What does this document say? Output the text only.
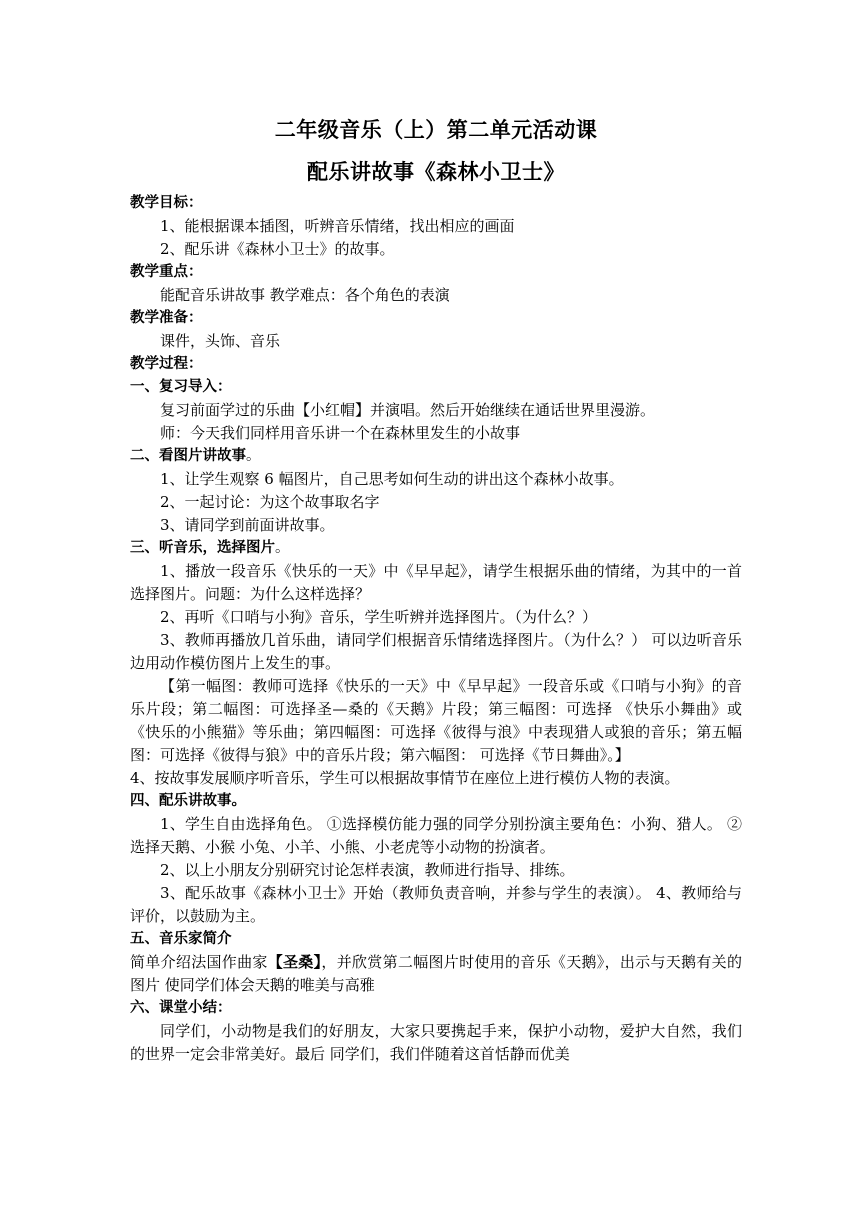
二年级音乐（上）第二单元活动课
配乐讲故事《森林小卫士》
教学目标：
1、能根据课本插图，听辨音乐情绪，找出相应的画面
2、配乐讲《森林小卫士》的故事。
教学重点：
能配音乐讲故事 教学难点：各个角色的表演
教学准备：
课件，头饰、音乐
教学过程：
一、复习导入：
复习前面学过的乐曲【小红帽】并演唱。然后开始继续在通话世界里漫游。
师：今天我们同样用音乐讲一个在森林里发生的小故事
二、看图片讲故事。
1、让学生观察 6 幅图片，自己思考如何生动的讲出这个森林小故事。
2、一起讨论：为这个故事取名字
3、请同学到前面讲故事。
三、听音乐，选择图片。
1、播放一段音乐《快乐的一天》中《早早起》，请学生根据乐曲的情绪，为其中的一首选择图片。问题：为什么这样选择？
2、再听《口哨与小狗》音乐，学生听辨并选择图片。（为什么？）
3、教师再播放几首乐曲，请同学们根据音乐情绪选择图片。（为什么？） 可以边听音乐边用动作模仿图片上发生的事。
【第一幅图：教师可选择《快乐的一天》中《早早起》一段音乐或《口哨与小狗》的音乐片段；第二幅图：可选择圣—桑的《天鹅》片段；第三幅图：可选择 《快乐小舞曲》或《快乐的小熊猫》等乐曲；第四幅图：可选择《彼得与浪》中表现猎人或狼的音乐；第五幅图：可选择《彼得与狼》中的音乐片段；第六幅图： 可选择《节日舞曲》。】
4、按故事发展顺序听音乐，学生可以根据故事情节在座位上进行模仿人物的表演。
四、配乐讲故事。
1、学生自由选择角色。 ①选择模仿能力强的同学分别扮演主要角色：小狗、猎人。 ②选择天鹅、小猴 小兔、小羊、小熊、小老虎等小动物的扮演者。
2、以上小朋友分别研究讨论怎样表演，教师进行指导、排练。
3、配乐故事《森林小卫士》开始（教师负责音响，并参与学生的表演）。 4、教师给与评价，以鼓励为主。
五、音乐家简介
简单介绍法国作曲家【圣桑】，并欣赏第二幅图片时使用的音乐《天鹅》，出示与天鹅有关的图片 使同学们体会天鹅的唯美与高雅
六、课堂小结：
同学们，小动物是我们的好朋友，大家只要携起手来，保护小动物，爱护大自然，我们的世界一定会非常美好。最后 同学们，我们伴随着这首恬静而优美
